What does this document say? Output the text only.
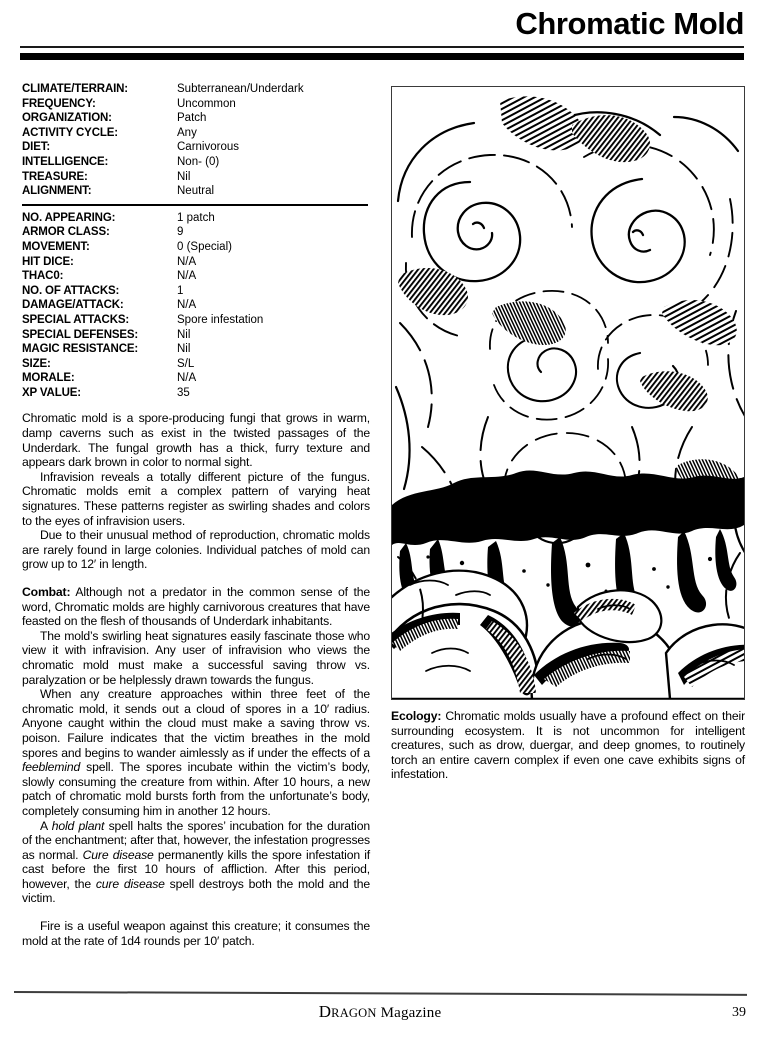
Chromatic Mold
CLIMATE/TERRAIN:	Subterranean/Underdark
FREQUENCY:	Uncommon
ORGANIZATION:	Patch
ACTIVITY CYCLE:	Any
DIET:	Carnivorous
INTELLIGENCE:	Non- (0)
TREASURE:	Nil
ALIGNMENT:	Neutral
NO. APPEARING:	1 patch
ARMOR CLASS:	9
MOVEMENT:	0 (Special)
HIT DICE:	N/A
THAC0:	N/A
NO. OF ATTACKS:	1
DAMAGE/ATTACK:	N/A
SPECIAL ATTACKS:	Spore infestation
SPECIAL DEFENSES:	Nil
MAGIC RESISTANCE:	Nil
SIZE:	S/L
MORALE:	N/A
XP VALUE:	35

Chromatic mold is a spore-producing fungi that grows in warm, damp caverns such as exist in the twisted passages of the Underdark. The fungal growth has a thick, furry texture and appears dark brown in color to normal sight.

Infravision reveals a totally different picture of the fungus. Chromatic molds emit a complex pattern of varying heat signatures. These patterns register as swirling shades and colors to the eyes of infravision users.

Due to their unusual method of reproduction, chromatic molds are rarely found in large colonies. Individual patches of mold can grow up to 12′ in length.

Combat: Although not a predator in the common sense of the word, Chromatic molds are highly carnivorous creatures that have feasted on the flesh of thousands of Underdark inhabitants.

The mold’s swirling heat signatures easily fascinate those who view it with infravision. Any user of infravision who views the chromatic mold must make a successful saving throw vs. paralyzation or be helplessly drawn towards the fungus.

When any creature approaches within three feet of the chromatic mold, it sends out a cloud of spores in a 10′ radius. Anyone caught within the cloud must make a saving throw vs. poison. Failure indicates that the victim breathes in the mold spores and begins to wander aimlessly as if under the effects of a feeblemind spell. The spores incubate within the victim’s body, slowly consuming the creature from within. After 10 hours, a new patch of chromatic mold bursts forth from the unfortunate’s body, completely consuming him in another 12 hours.

A hold plant spell halts the spores’ incubation for the duration of the enchantment; after that, however, the infestation progresses as normal. Cure disease permanently kills the spore infestation if cast before the first 10 hours of affliction. After this period, however, the cure disease spell destroys both the mold and the victim.

Fire is a useful weapon against this creature; it consumes the mold at the rate of 1d4 rounds per 10′ patch.

Ecology: Chromatic molds usually have a profound effect on their surrounding ecosystem. It is not uncommon for intelligent creatures, such as drow, duergar, and deep gnomes, to routinely torch an entire cavern complex if even one cave exhibits signs of infestation.

DRAGON Magazine	39
